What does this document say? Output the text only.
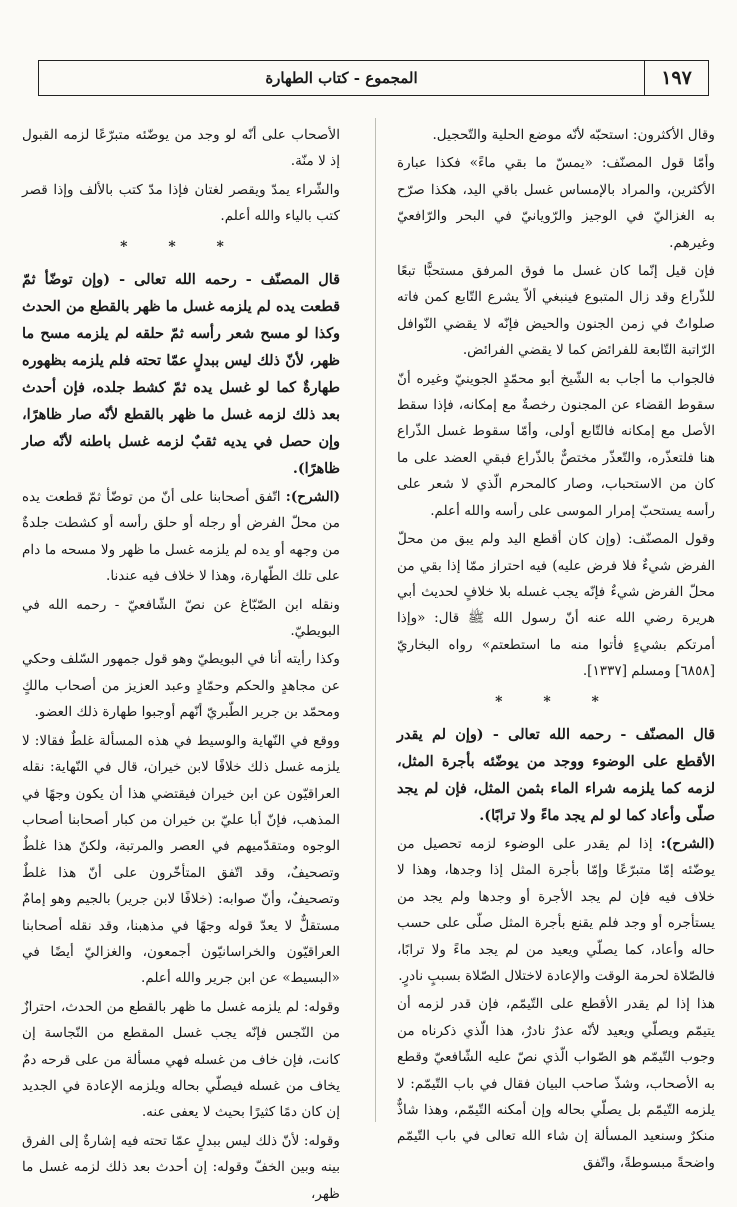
١٩٧
المجموع - كتاب الطهارة

وقال الأكثرون: استحبّه لأنّه موضع الحلية والتّحجيل.

وأمّا قول المصنّف: «يمسّ ما بقي ماءً» فكذا عبارة الأكثرين، والمراد بالإمساس غسل باقي اليد، هكذا صرّح به الغزاليّ في الوجيز والرّويانيّ في البحر والرّافعيّ وغيرهم.

فإن قيل إنّما كان غسل ما فوق المرفق مستحبًّا تبعًا للذّراع وقد زال المتبوع فينبغي ألاّ يشرع التّابع كمن فاته صلواتٌ في زمن الجنون والحيض فإنّه لا يقضي النّوافل الرّاتبة التّابعة للفرائض كما لا يقضي الفرائض.

فالجواب ما أجاب به الشّيخ أبو محمّدٍ الجوينيّ وغيره أنّ سقوط القضاء عن المجنون رخصةٌ مع إمكانه، فإذا سقط الأصل مع إمكانه فالتّابع أولى، وأمّا سقوط غسل الذّراع هنا فلتعذّره، والتّعذّر مختصٌّ بالذّراع فبقي العضد على ما كان من الاستحباب، وصار كالمحرم الّذي لا شعر على رأسه يستحبّ إمرار الموسى على رأسه والله أعلم.

وقول المصنّف: (وإن كان أقطع اليد ولم يبق من محلّ الفرض شيءٌ فلا فرض عليه) فيه احتراز ممّا إذا بقي من محلّ الفرض شيءٌ فإنّه يجب غسله بلا خلافٍ لحديث أبي هريرة رضي الله عنه أنّ رسول الله ﷺ قال: «وإذا أمرتكم بشيءٍ فأتوا منه ما استطعتم» رواه البخاريّ [٦٨٥٨] ومسلم [١٣٣٧].

* * *

قال المصنّف - رحمه الله تعالى - (وإن لم يقدر الأقطع على الوضوء ووجد من يوضّئه بأجرة المثل، لزمه كما يلزمه شراء الماء بثمن المثل، فإن لم يجد صلّى وأعاد كما لو لم يجد ماءً ولا ترابًا).

(الشرح): إذا لم يقدر على الوضوء لزمه تحصيل من يوضّئه إمّا متبرّعًا وإمّا بأجرة المثل إذا وجدها، وهذا لا خلاف فيه فإن لم يجد الأجرة أو وجدها ولم يجد من يستأجره أو وجد فلم يقنع بأجرة المثل صلّى على حسب حاله وأعاد، كما يصلّي ويعيد من لم يجد ماءً ولا ترابًا، فالصّلاة لحرمة الوقت والإعادة لاختلال الصّلاة بسببٍ نادرٍ.

هذا إذا لم يقدر الأقطع على التّيمّم، فإن قدر لزمه أن يتيمّم ويصلّي ويعيد لأنّه عذرٌ نادرٌ، هذا الّذي ذكرناه من وجوب التّيمّم هو الصّواب الّذي نصّ عليه الشّافعيّ وقطع به الأصحاب، وشذّ صاحب البيان فقال في باب التّيمّم: لا يلزمه التّيمّم بل يصلّي بحاله وإن أمكنه التّيمّم، وهذا شاذٌّ منكرٌ وسنعيد المسألة إن شاء الله تعالى في باب التّيمّم واضحةً مبسوطةً، واتّفق

الأصحاب على أنّه لو وجد من يوضّئه متبرّعًا لزمه القبول إذ لا منّة.

والشّراء يمدّ ويقصر لغتان فإذا مدّ كتب بالألف وإذا قصر كتب بالياء والله أعلم.

* * *

قال المصنّف - رحمه الله تعالى - (وإن توضّأ ثمّ قطعت يده لم يلزمه غسل ما ظهر بالقطع من الحدث وكذا لو مسح شعر رأسه ثمّ حلقه لم يلزمه مسح ما ظهر، لأنّ ذلك ليس ببدلٍ عمّا تحته فلم يلزمه بظهوره طهارةٌ كما لو غسل يده ثمّ كشط جلده، فإن أحدث بعد ذلك لزمه غسل ما ظهر بالقطع لأنّه صار ظاهرًا، وإن حصل في يديه ثقبٌ لزمه غسل باطنه لأنّه صار ظاهرًا).

(الشرح): اتّفق أصحابنا على أنّ من توضّأ ثمّ قطعت يده من محلّ الفرض أو رجله أو حلق رأسه أو كشطت جلدةٌ من وجهه أو يده لم يلزمه غسل ما ظهر ولا مسحه ما دام على تلك الطّهارة، وهذا لا خلاف فيه عندنا.

ونقله ابن الصّبّاغ عن نصّ الشّافعيّ - رحمه الله في البويطيّ.

وكذا رأيته أنا في البويطيّ وهو قول جمهور السّلف وحكي عن مجاهدٍ والحكم وحمّادٍ وعبد العزيز من أصحاب مالكٍ ومحمّد بن جرير الطّبريّ أنّهم أوجبوا طهارة ذلك العضو.

ووقع في النّهاية والوسيط في هذه المسألة غلطٌ فقالا: لا يلزمه غسل ذلك خلافًا لابن خيران، قال في النّهاية: نقله العراقيّون عن ابن خيران فيقتضي هذا أن يكون وجهًا في المذهب، فإنّ أبا عليّ بن خيران من كبار أصحابنا أصحاب الوجوه ومتقدّميهم في العصر والمرتبة، ولكنّ هذا غلطٌ وتصحيفٌ، وقد اتّفق المتأخّرون على أنّ هذا غلطٌ وتصحيفٌ، وأنّ صوابه: (خلافًا لابن جرير) بالجيم وهو إمامٌ مستقلٌّ لا يعدّ قوله وجهًا في مذهبنا، وقد نقله أصحابنا العراقيّون والخراسانيّون أجمعون، والغزاليّ أيضًا في «البسيط» عن ابن جرير والله أعلم.

وقوله: لم يلزمه غسل ما ظهر بالقطع من الحدث، احترازٌ من النّجس فإنّه يجب غسل المقطع من النّجاسة إن كانت، فإن خاف من غسله فهي مسألة من على قرحه دمٌ يخاف من غسله فيصلّي بحاله ويلزمه الإعادة في الجديد إن كان دمًا كثيرًا بحيث لا يعفى عنه.

وقوله: لأنّ ذلك ليس ببدلٍ عمّا تحته فيه إشارةٌ إلى الفرق بينه وبين الخفّ وقوله: إن أحدث بعد ذلك لزمه غسل ما ظهر،
